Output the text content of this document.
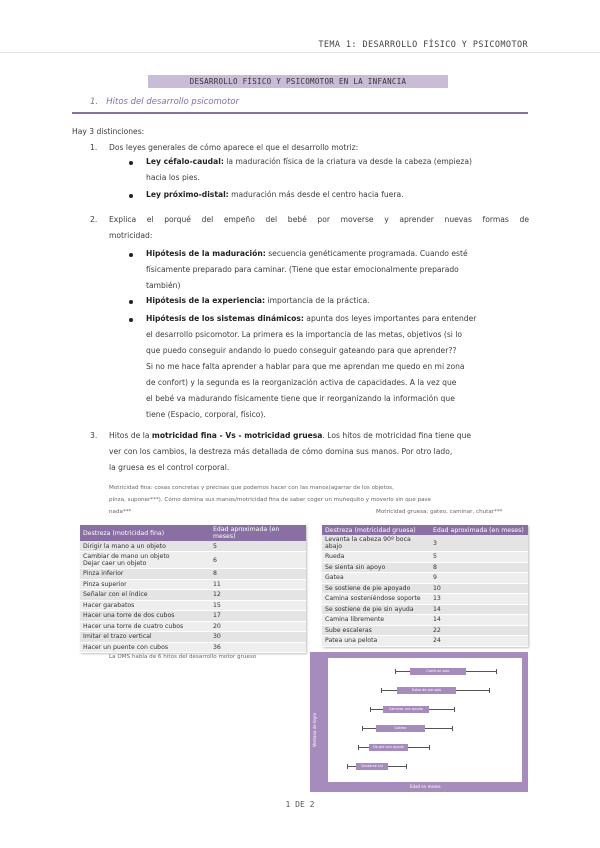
TEMA 1: DESARROLLO FÍSICO Y PSICOMOTOR
DESARROLLO FÍSICO Y PSICOMOTOR EN LA INFANCIA
1. Hitos del desarrollo psicomotor
Hay 3 distinciones:
1. Dos leyes generales de cómo aparece el que el desarrollo motriz:
Ley céfalo-caudal: la maduración física de la criatura va desde la cabeza (empieza)
hacia los pies.
Ley próximo-distal: maduración más desde el centro hacia fuera.
2. Explica el porqué del empeño del bebé por moverse y aprender nuevas formas de
motricidad:
Hipótesis de la maduración: secuencia genéticamente programada. Cuando esté
físicamente preparado para caminar. (Tiene que estar emocionalmente preparado
también)
Hipótesis de la experiencia: importancia de la práctica.
Hipótesis de los sistemas dinámicos: apunta dos leyes importantes para entender
el desarrollo psicomotor. La primera es la importancia de las metas, objetivos (si lo
que puedo conseguir andando lo puedo conseguir gateando para que aprender??
Si no me hace falta aprender a hablar para que me aprendan me quedo en mi zona
de confort) y la segunda es la reorganización activa de capacidades. A la vez que
el bebé va madurando físicamente tiene que ir reorganizando la información que
tiene (Espacio, corporal, físico).
3. Hitos de la motricidad fina - Vs - motricidad gruesa. Los hitos de motricidad fina tiene que
ver con los cambios, la destreza más detallada de cómo domina sus manos. Por otro lado,
la gruesa es el control corporal.
Motricidad fina: cosas concretas y precisas que podemos hacer con las manos(agarrar de los objetos,
pinza, suponer***). Cómo domina sus manos/motricidad fina de saber coger un muñequito y moverlo sin que pase
nada***	Motricidad gruesa: gateo, caminar, chutar***
Destreza (motricidad fina)	Edad aproximada (en meses)
Dirigir la mano a un objeto	5
Cambiar de mano un objeto
Dejar caer un objeto	6
Pinza inferior	8
Pinza superior	11
Señalar con el índice	12
Hacer garabatos	15
Hacer una torre de dos cubos	17
Hacer una torre de cuatro cubos	20
Imitar el trazo vertical	30
Hacer un puente con cubos	36
Destreza (motricidad gruesa)	Edad aproximada (en meses)
Levanta la cabeza 90º boca abajo	3
Rueda	5
Se sienta sin apoyo	8
Gatea	9
Se sostiene de pie apoyado	10
Camina sosteniéndose soporte	13
Se sostiene de pie sin ayuda	14
Camina libremente	14
Sube escaleras	22
Patea una pelota	24
La OMS habla de 6 hitos del desarrollo motor grueso
Ventana de logro
Caminar solo
Estar de pie solo
Caminar con ayuda
Gatear
De pie con ayuda
Sentarse sin apoyo
Edad en meses
1 DE 2
